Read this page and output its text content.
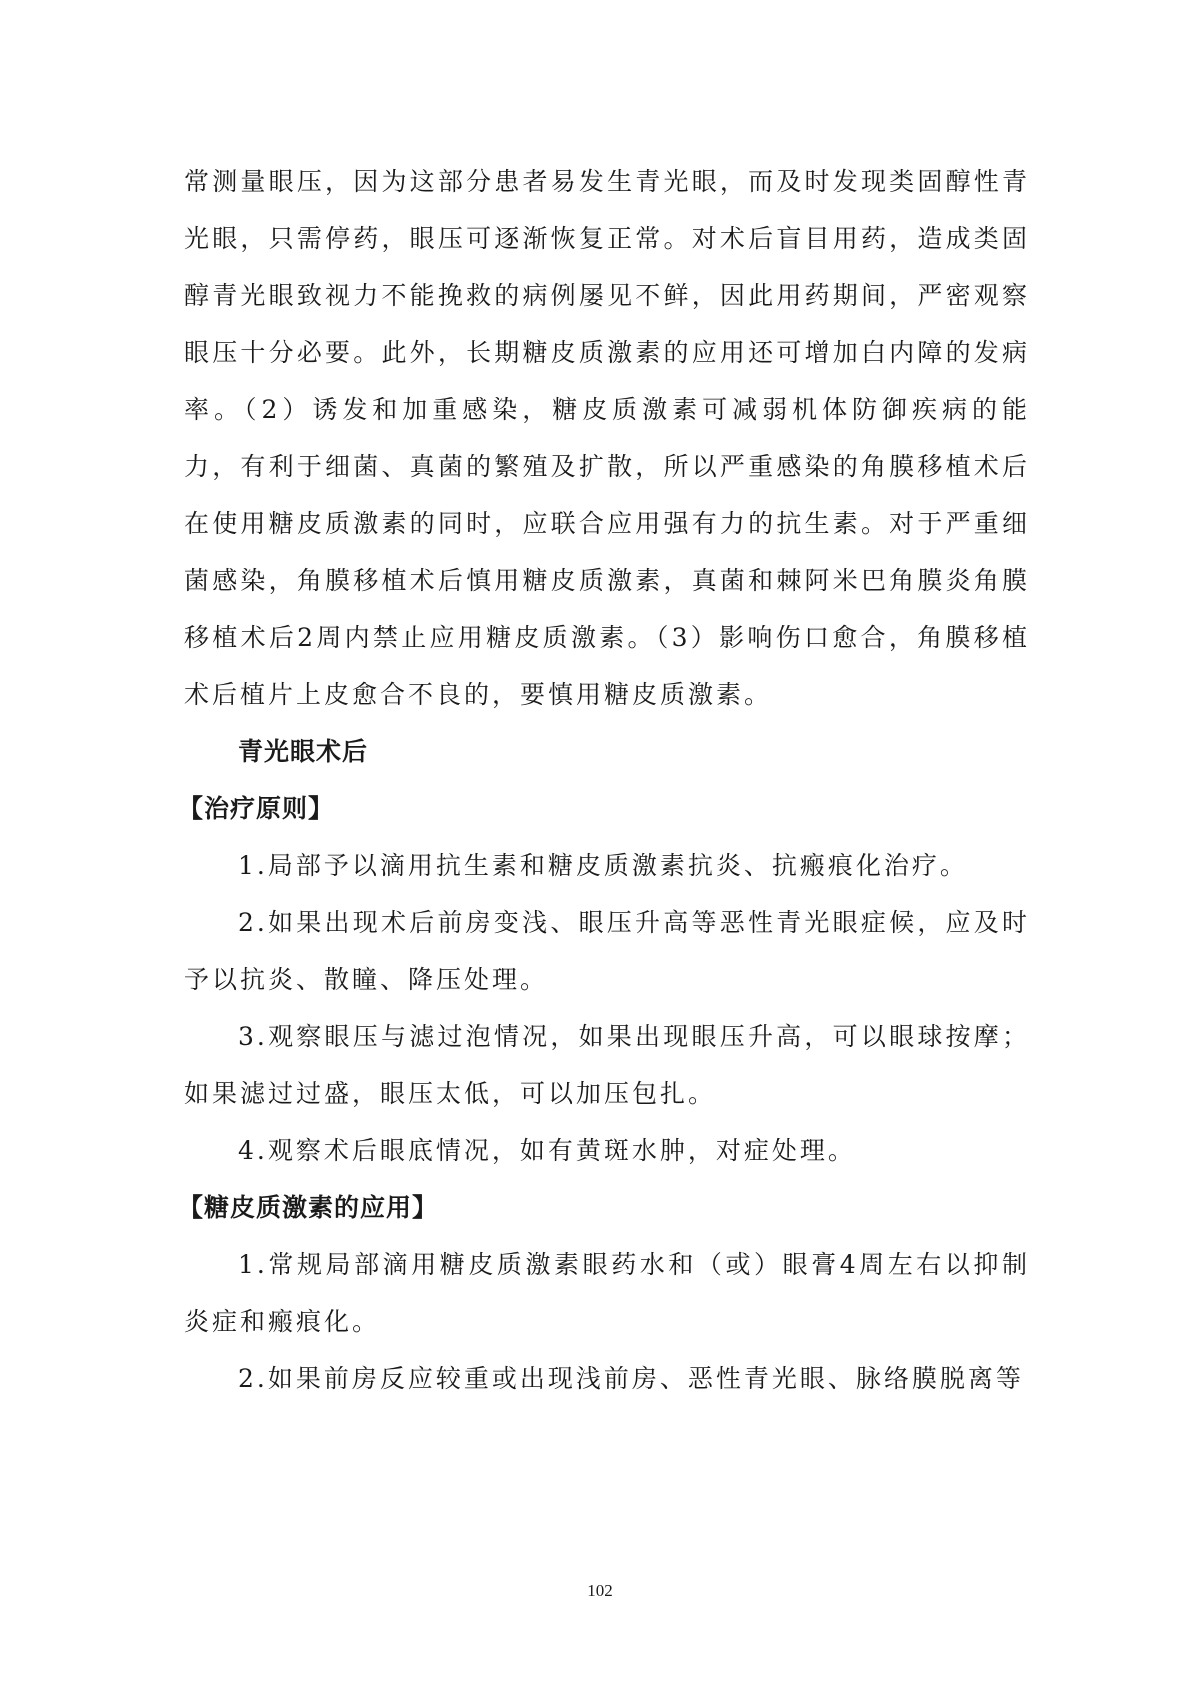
常测量眼压，因为这部分患者易发生青光眼，而及时发现类固醇性青光眼，只需停药，眼压可逐渐恢复正常。对术后盲目用药，造成类固醇青光眼致视力不能挽救的病例屡见不鲜，因此用药期间，严密观察眼压十分必要。此外，长期糖皮质激素的应用还可增加白内障的发病率。（2）诱发和加重感染，糖皮质激素可减弱机体防御疾病的能力，有利于细菌、真菌的繁殖及扩散，所以严重感染的角膜移植术后在使用糖皮质激素的同时，应联合应用强有力的抗生素。对于严重细菌感染，角膜移植术后慎用糖皮质激素，真菌和棘阿米巴角膜炎角膜移植术后2周内禁止应用糖皮质激素。（3）影响伤口愈合，角膜移植术后植片上皮愈合不良的，要慎用糖皮质激素。

青光眼术后

【治疗原则】

1.局部予以滴用抗生素和糖皮质激素抗炎、抗瘢痕化治疗。

2.如果出现术后前房变浅、眼压升高等恶性青光眼症候，应及时予以抗炎、散瞳、降压处理。

3.观察眼压与滤过泡情况，如果出现眼压升高，可以眼球按摩；如果滤过过盛，眼压太低，可以加压包扎。

4.观察术后眼底情况，如有黄斑水肿，对症处理。

【糖皮质激素的应用】

1.常规局部滴用糖皮质激素眼药水和（或）眼膏4周左右以抑制炎症和瘢痕化。

2.如果前房反应较重或出现浅前房、恶性青光眼、脉络膜脱离等

102
